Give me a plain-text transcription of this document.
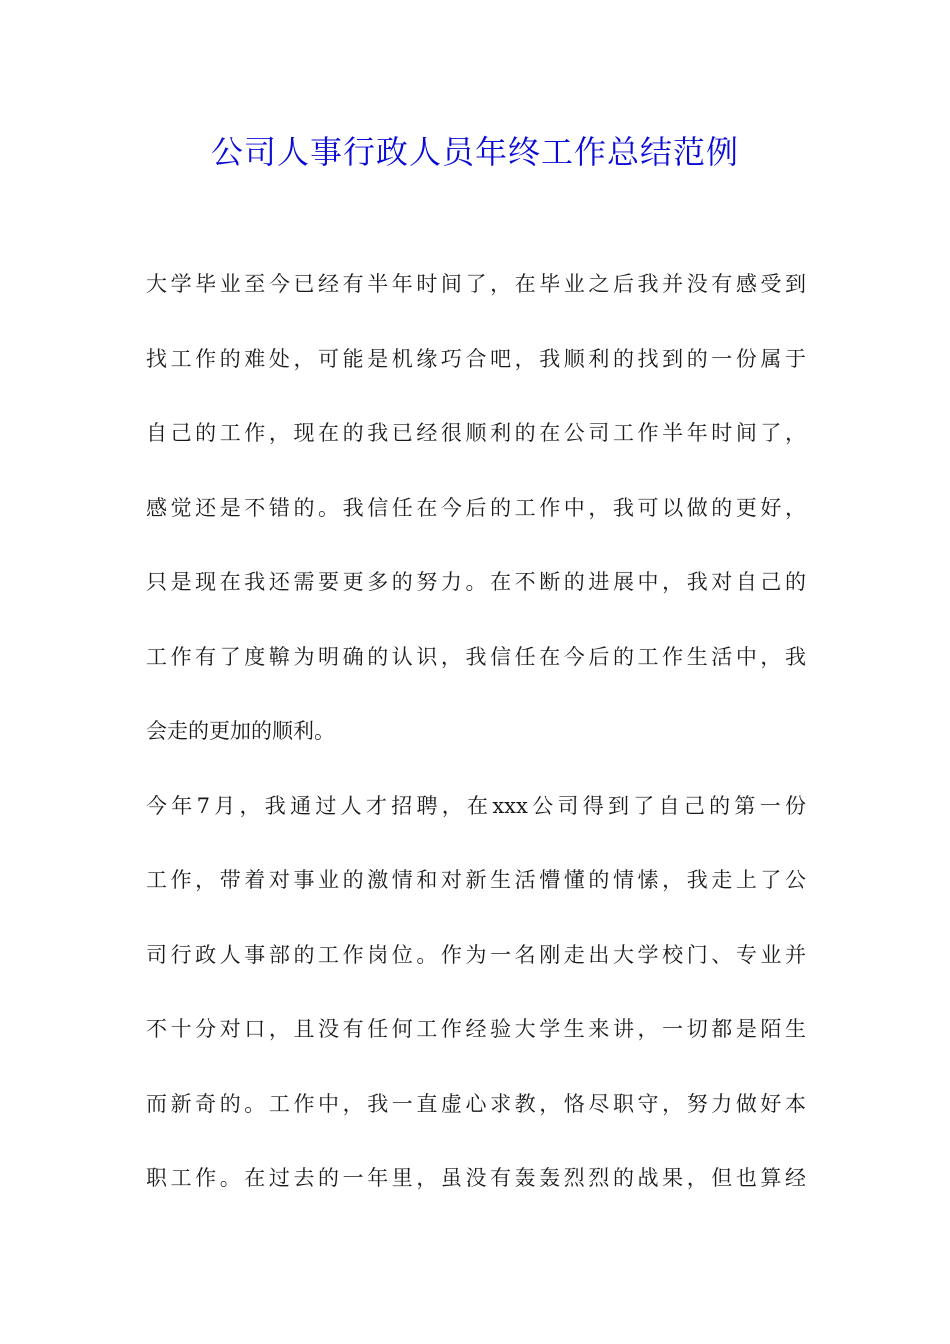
公司人事行政人员年终工作总结范例
大学毕业至今已经有半年时间了，在毕业之后我并没有感受到
找工作的难处，可能是机缘巧合吧，我顺利的找到的一份属于
自己的工作，现在的我已经很顺利的在公司工作半年时间了，
感觉还是不错的。我信任在今后的工作中，我可以做的更好，
只是现在我还需要更多的努力。在不断的进展中，我对自己的
工作有了度鞥为明确的认识，我信任在今后的工作生活中，我
会走的更加的顺利。
今年7月，我通过人才招聘，在xxx公司得到了自己的第一份
工作，带着对事业的激情和对新生活懵懂的情愫，我走上了公
司行政人事部的工作岗位。作为一名刚走出大学校门、专业并
不十分对口，且没有任何工作经验大学生来讲，一切都是陌生
而新奇的。工作中，我一直虚心求教，恪尽职守，努力做好本
职工作。在过去的一年里，虽没有轰轰烈烈的战果，但也算经
